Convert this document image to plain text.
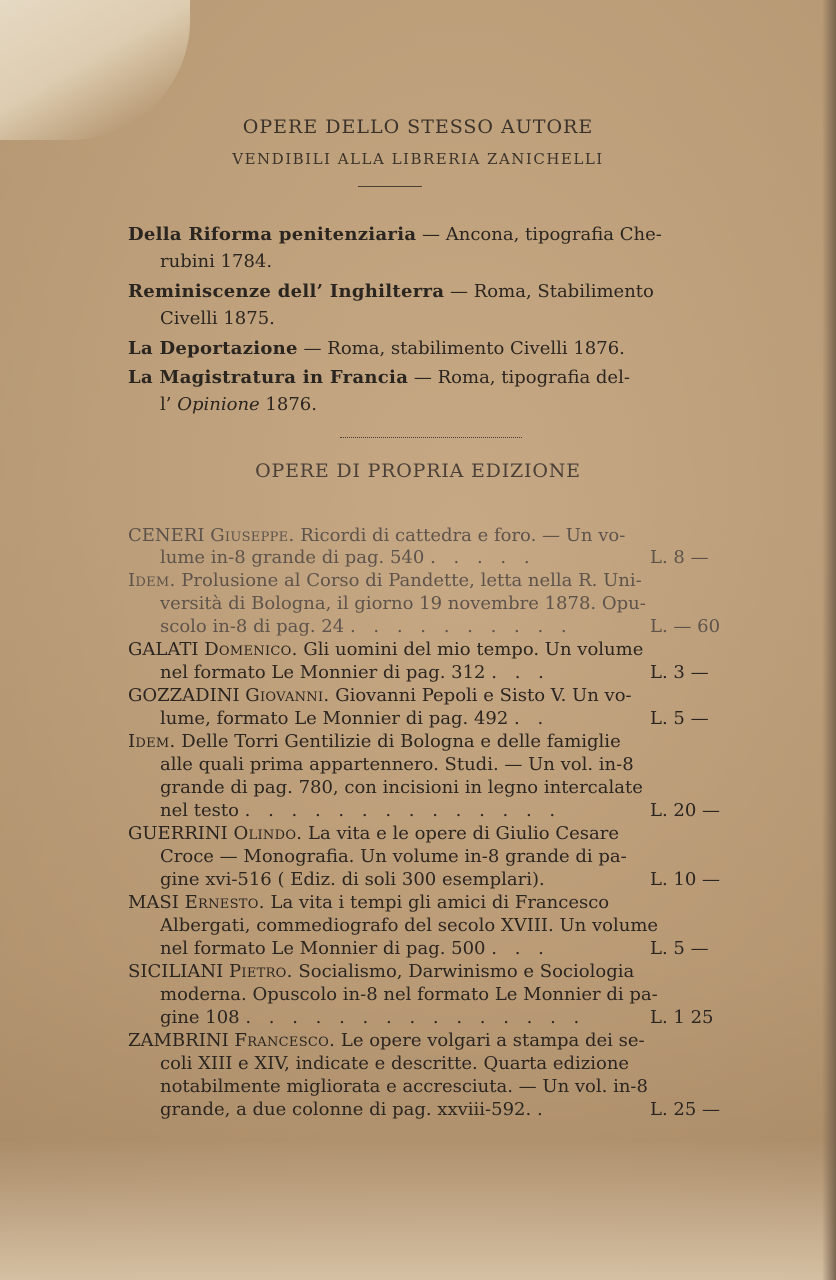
OPERE DELLO STESSO AUTORE
VENDIBILI ALLA LIBRERIA ZANICHELLI
Della Riforma penitenziaria — Ancona, tipografia Che-
rubini 1784.
Reminiscenze dell’ Inghilterra — Roma, Stabilimento
Civelli 1875.
La Deportazione — Roma, stabilimento Civelli 1876.
La Magistratura in Francia — Roma, tipografia del-
l’ Opinione 1876.
OPERE DI PROPRIA EDIZIONE
CENERI Giuseppe. Ricordi di cattedra e foro. — Un vo-
lume in-8 grande di pag. 540 . . . . .	L. 8 —
Idem. Prolusione al Corso di Pandette, letta nella R. Uni-
versità di Bologna, il giorno 19 novembre 1878. Opu-
scolo in-8 di pag. 24 . . . . . . . . . .	L. — 60
GALATI Domenico. Gli uomini del mio tempo. Un volume
nel formato Le Monnier di pag. 312 . . .	L. 3 —
GOZZADINI Giovanni. Giovanni Pepoli e Sisto V. Un vo-
lume, formato Le Monnier di pag. 492 . .	L. 5 —
Idem. Delle Torri Gentilizie di Bologna e delle famiglie
alle quali prima appartennero. Studi. — Un vol. in-8
grande di pag. 780, con incisioni in legno intercalate
nel testo . . . . . . . . . . . . . .	L. 20 —
GUERRINI Olindo. La vita e le opere di Giulio Cesare
Croce — Monografia. Un volume in-8 grande di pa-
gine xvi-516 ( Ediz. di soli 300 esemplari).	L. 10 —
MASI Ernesto. La vita i tempi gli amici di Francesco
Albergati, commediografo del secolo XVIII. Un volume
nel formato Le Monnier di pag. 500 . . .	L. 5 —
SICILIANI Pietro. Socialismo, Darwinismo e Sociologia
moderna. Opuscolo in-8 nel formato Le Monnier di pa-
gine 108 . . . . . . . . . . . . . . .	L. 1 25
ZAMBRINI Francesco. Le opere volgari a stampa dei se-
coli XIII e XIV, indicate e descritte. Quarta edizione
notabilmente migliorata e accresciuta. — Un vol. in-8
grande, a due colonne di pag. xxviii-592. .	L. 25 —
